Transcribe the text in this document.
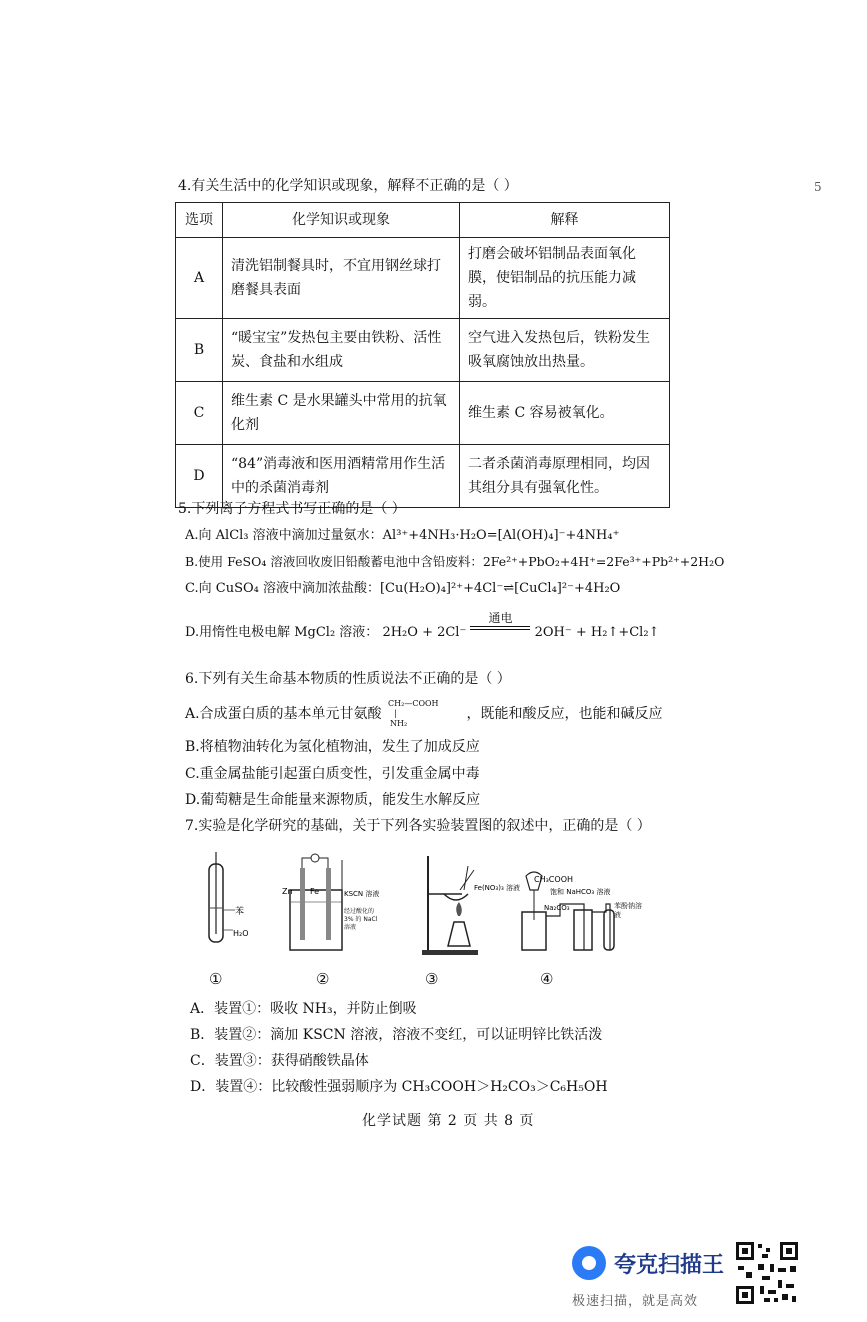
5
4.有关生活中的化学知识或现象，解释不正确的是（ ）
选项	化学知识或现象	解释
A	清洗铝制餐具时，不宜用钢丝球打磨餐具表面	打磨会破坏铝制品表面氧化膜，使铝制品的抗压能力减弱。
B	“暖宝宝”发热包主要由铁粉、活性炭、食盐和水组成	空气进入发热包后，铁粉发生吸氧腐蚀放出热量。
C	维生素 C 是水果罐头中常用的抗氧化剂	维生素 C 容易被氧化。
D	“84”消毒液和医用酒精常用作生活中的杀菌消毒剂	二者杀菌消毒原理相同，均因其组分具有强氧化性。
5.下列离子方程式书写正确的是（ ）
A.向 AlCl₃ 溶液中滴加过量氨水：Al³⁺+4NH₃·H₂O=[Al(OH)₄]⁻+4NH₄⁺
B.使用 FeSO₄ 溶液回收废旧铅酸蓄电池中含铅废料：2Fe²⁺+PbO₂+4H⁺=2Fe³⁺+Pb²⁺+2H₂O
C.向 CuSO₄ 溶液中滴加浓盐酸：[Cu(H₂O)₄]²⁺+4Cl⁻⇌[CuCl₄]²⁻+4H₂O
D.用惰性电极电解 MgCl₂ 溶液： 2H₂O + 2Cl⁻
通电
2OH⁻ + H₂↑+Cl₂↑
6.下列有关生命基本物质的性质说法不正确的是（ ）
A.合成蛋白质的基本单元甘氨酸
CH₂—COOH
|
NH₂
，既能和酸反应，也能和碱反应
B.将植物油转化为氢化植物油，发生了加成反应
C.重金属盐能引起蛋白质变性，引发重金属中毒
D.葡萄糖是生命能量来源物质，能发生水解反应
7.实验是化学研究的基础，关于下列各实验装置图的叙述中，正确的是（ ）
苯
H₂O
Zn Fe	KSCN 溶液
经过酸化的 3% 的 NaCl 溶液
Fe(NO₃)₃ 溶液
CH₃COOH
饱和 NaHCO₃ 溶液
Na₂CO₃	苯酚钠溶液
①	②	③	④
A．装置①：吸收 NH₃，并防止倒吸
B．装置②：滴加 KSCN 溶液，溶液不变红，可以证明锌比铁活泼
C．装置③：获得硝酸铁晶体
D．装置④：比较酸性强弱顺序为 CH₃COOH＞H₂CO₃＞C₆H₅OH
化学试题 第 2 页 共 8 页
夸克扫描王
极速扫描，就是高效
